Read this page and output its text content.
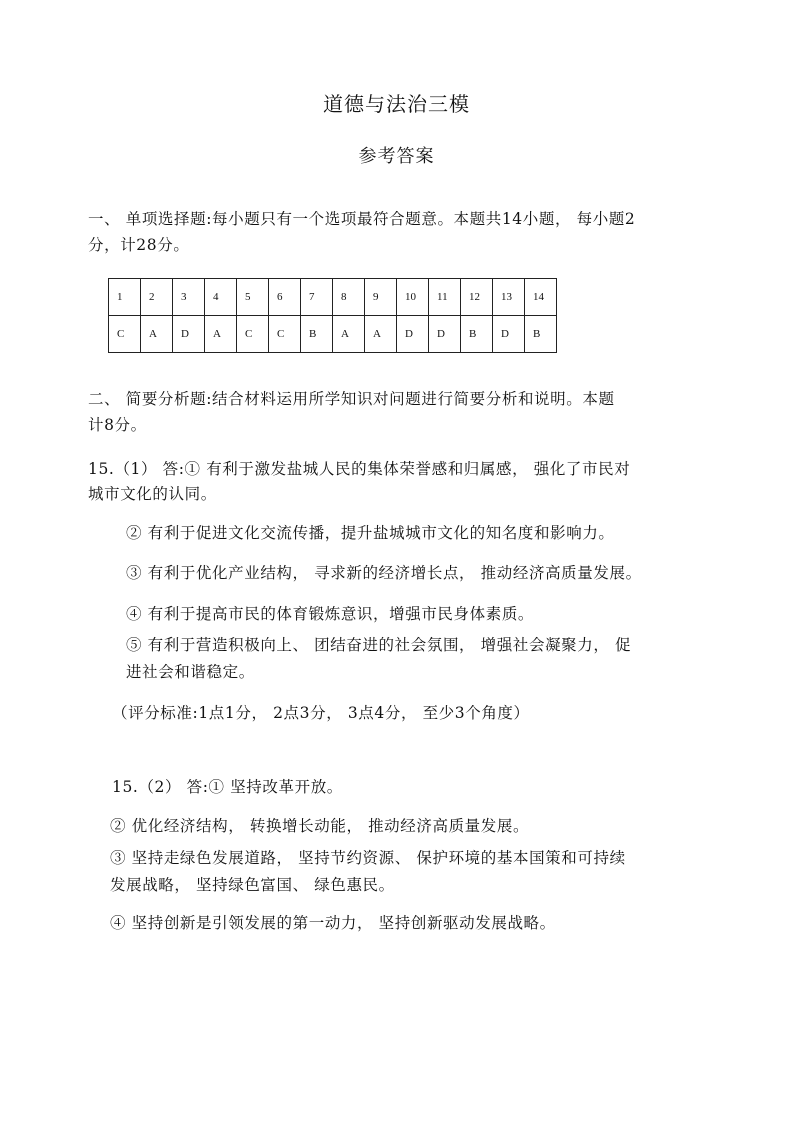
道德与法治三模
参考答案
一、 单项选择题:每小题只有一个选项最符合题意。本题共14小题， 每小题2
分，计28分。
1	2	3	4	5	6	7	8	9	10	11	12	13	14
C	A	D	A	C	C	B	A	A	D	D	B	D	B
二、 简要分析题:结合材料运用所学知识对问题进行简要分析和说明。本题
计8分。
15.（1） 答:① 有利于激发盐城人民的集体荣誉感和归属感， 强化了市民对
城市文化的认同。
② 有利于促进文化交流传播，提升盐城城市文化的知名度和影响力。
③ 有利于优化产业结构， 寻求新的经济增长点， 推动经济高质量发展。
④ 有利于提高市民的体育锻炼意识，增强市民身体素质。
⑤ 有利于营造积极向上、 团结奋进的社会氛围， 增强社会凝聚力， 促
进社会和谐稳定。
（评分标准:1点1分， 2点3分， 3点4分， 至少3个角度）
15.（2） 答:① 坚持改革开放。
② 优化经济结构， 转换增长动能， 推动经济高质量发展。
③ 坚持走绿色发展道路， 坚持节约资源、 保护环境的基本国策和可持续
发展战略， 坚持绿色富国、 绿色惠民。
④ 坚持创新是引领发展的第一动力， 坚持创新驱动发展战略。
